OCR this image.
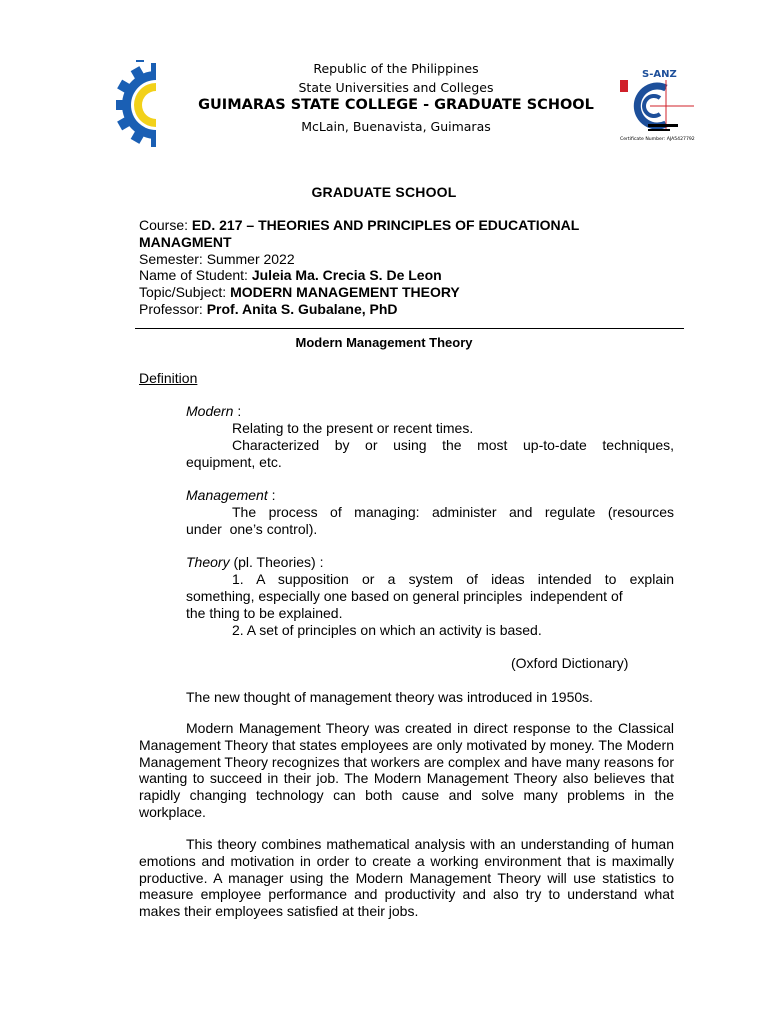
Republic of the Philippines
State Universities and Colleges
GUIMARAS STATE COLLEGE - GRADUATE SCHOOL
McLain, Buenavista, Guimaras
S-ANZ
Certificate Number: AJA5427792
GRADUATE SCHOOL
Course: ED. 217 – THEORIES AND PRINCIPLES OF EDUCATIONAL
MANAGMENT
Semester: Summer 2022
Name of Student: Juleia Ma. Crecia S. De Leon
Topic/Subject: MODERN MANAGEMENT THEORY
Professor: Prof. Anita S. Gubalane, PhD
Modern Management Theory
Definition
Modern :
Relating to the present or recent times.
Characterized by or using the most up-to-date techniques,
equipment, etc.
Management :
The process of managing: administer and regulate (resources
under  one’s control).
Theory (pl. Theories) :
1. A supposition or a system of ideas intended to explain
something, especially one based on general principles  independent of
the thing to be explained.
2. A set of principles on which an activity is based.
(Oxford Dictionary)
The new thought of management theory was introduced in 1950s.
Modern Management Theory was created in direct response to the Classical Management Theory that states employees are only motivated by money. The Modern Management Theory recognizes that workers are complex and have many reasons for wanting to succeed in their job. The Modern Management Theory also believes that rapidly changing technology can both cause and solve many problems in the workplace.
This theory combines mathematical analysis with an understanding of human emotions and motivation in order to create a working environment that is maximally productive. A manager using the Modern Management Theory will use statistics to measure employee performance and productivity and also try to understand what makes their employees satisfied at their jobs.
